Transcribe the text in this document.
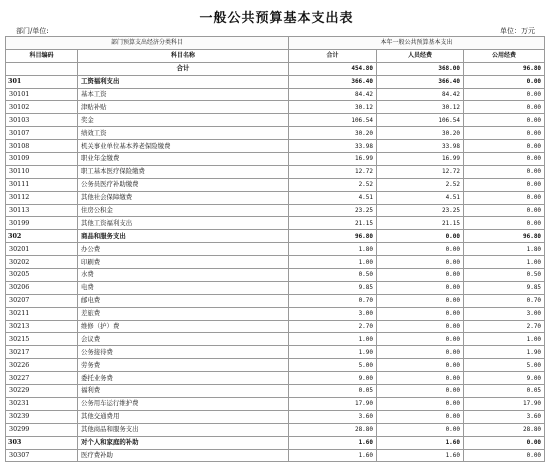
一般公共预算基本支出表
部门/单位:	单位：万元
部门预算支出经济分类科目		本年一般公共预算基本支出		
科目编码	科目名称	合计	人员经费	公用经费
	合计	454.80	368.00	96.80
301	工资福利支出	366.40	366.40	0.00
30101	基本工资	84.42	84.42	0.00
30102	津贴补贴	30.12	30.12	0.00
30103	奖金	106.54	106.54	0.00
30107	绩效工资	30.20	30.20	0.00
30108	机关事业单位基本养老保险缴费	33.98	33.98	0.00
30109	职业年金缴费	16.99	16.99	0.00
30110	职工基本医疗保险缴费	12.72	12.72	0.00
30111	公务员医疗补助缴费	2.52	2.52	0.00
30112	其他社会保障缴费	4.51	4.51	0.00
30113	住房公积金	23.25	23.25	0.00
30199	其他工资福利支出	21.15	21.15	0.00
302	商品和服务支出	96.80	0.00	96.80
30201	办公费	1.80	0.00	1.80
30202	印刷费	1.00	0.00	1.00
30205	水费	0.50	0.00	0.50
30206	电费	9.85	0.00	9.85
30207	邮电费	0.70	0.00	0.70
30211	差旅费	3.00	0.00	3.00
30213	维修（护）费	2.70	0.00	2.70
30215	会议费	1.00	0.00	1.00
30217	公务接待费	1.90	0.00	1.90
30226	劳务费	5.00	0.00	5.00
30227	委托业务费	9.00	0.00	9.00
30229	福利费	0.05	0.00	0.05
30231	公务用车运行维护费	17.90	0.00	17.90
30239	其他交通费用	3.60	0.00	3.60
30299	其他商品和服务支出	28.80	0.00	28.80
303	对个人和家庭的补助	1.60	1.60	0.00
30307	医疗费补助	1.60	1.60	0.00
